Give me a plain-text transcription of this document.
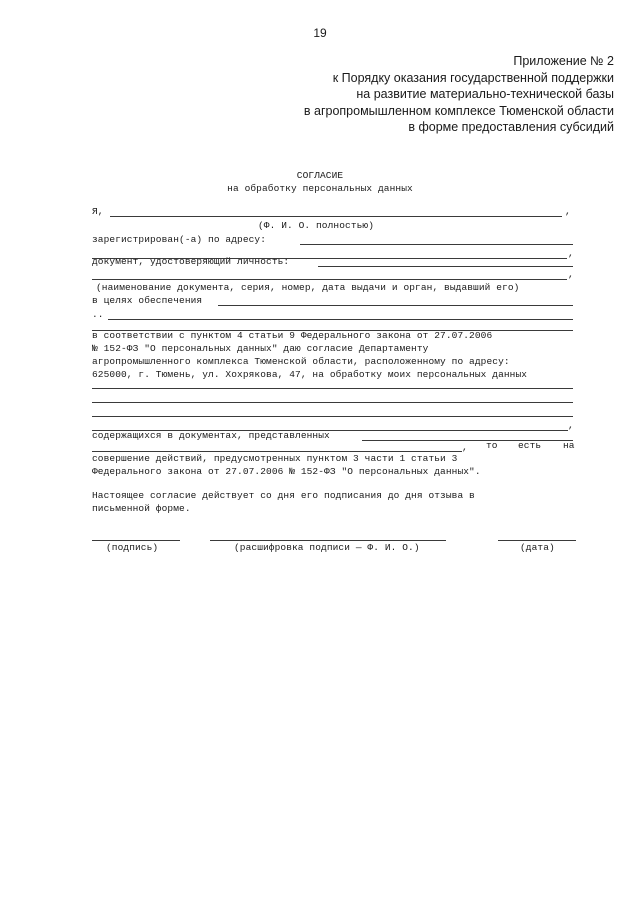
19
Приложение № 2
к Порядку оказания государственной поддержки
на развитие материально-технической базы
в агропромышленном комплексе Тюменской области
в форме предоставления субсидий
СОГЛАСИЕ
на обработку персональных данных
Я,	,
(Ф. И. О. полностью)
зарегистрирован(-а) по адресу:
,
документ, удостоверяющий личность:
,
(наименование документа, серия, номер, дата выдачи и орган, выдавший его)
в целях обеспечения
..
в соответствии с пунктом 4 статьи 9 Федерального закона от 27.07.2006
№ 152-ФЗ "О персональных данных" даю согласие Департаменту
агропромышленного комплекса Тюменской области, расположенному по адресу:
625000, г. Тюмень, ул. Хохрякова, 47, на обработку моих персональных данных
,
содержащихся в документах, представленных
, то есть на
совершение действий, предусмотренных пунктом 3 части 1 статьи 3
Федерального закона от 27.07.2006 № 152-ФЗ "О персональных данных".
Настоящее согласие действует со дня его подписания до дня отзыва в
письменной форме.
(подпись)	(расшифровка подписи — Ф. И. О.)	(дата)
